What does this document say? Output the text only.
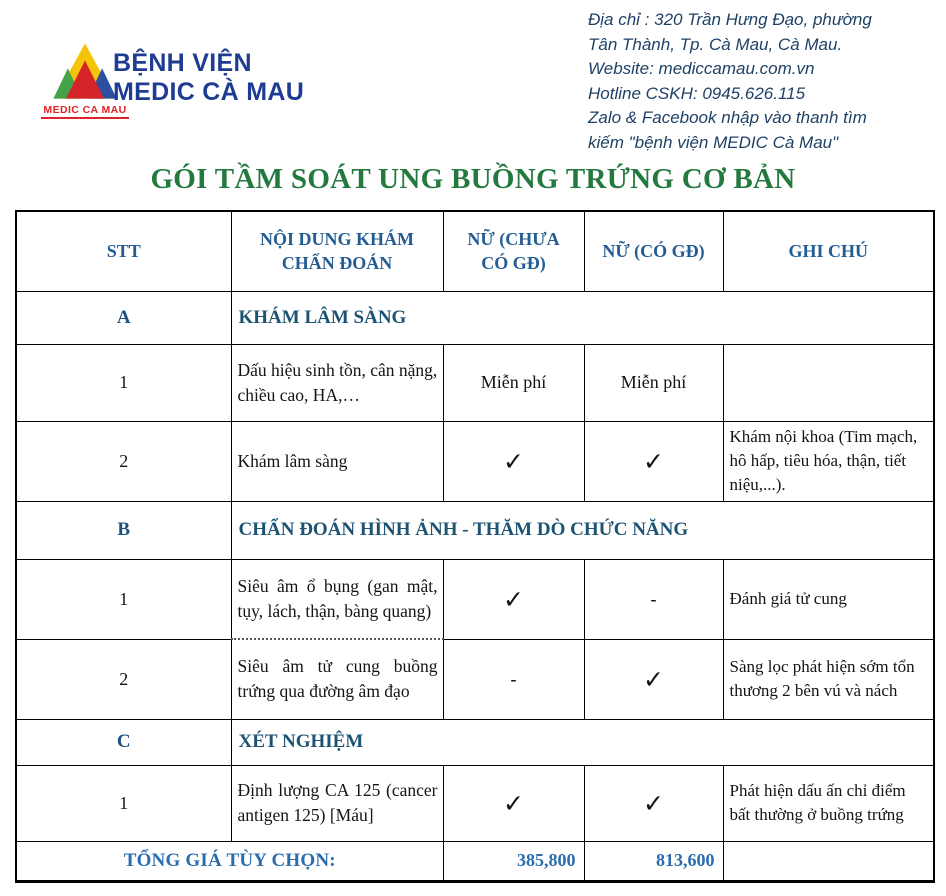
MEDIC CA MAU
BỆNH VIỆN
MEDIC CÀ MAU
Địa chỉ : 320 Trần Hưng Đạo, phường
Tân Thành, Tp. Cà Mau, Cà Mau.
Website: mediccamau.com.vn
Hotline CSKH: 0945.626.115
Zalo & Facebook nhập vào thanh tìm
kiếm "bệnh viện MEDIC Cà Mau"
GÓI TẦM SOÁT UNG BUỒNG TRỨNG CƠ BẢN
STT	NỘI DUNG KHÁM CHẨN ĐOÁN	NỮ (CHƯA CÓ GĐ)	NỮ (CÓ GĐ)	GHI CHÚ
A	KHÁM LÂM SÀNG			
1	Dấu hiệu sinh tồn, cân nặng, chiều cao, HA,…	Miễn phí	Miễn phí	
2	Khám lâm sàng	✓	✓	Khám nội khoa (Tim mạch, hô hấp, tiêu hóa, thận, tiết niệu,...).
B	CHẨN ĐOÁN HÌNH ẢNH - THĂM DÒ CHỨC NĂNG			
1	Siêu âm ổ bụng (gan mật, tụy, lách, thận, bàng quang)	✓	-	Đánh giá tử cung
2	Siêu âm tử cung buồng trứng qua đường âm đạo	-	✓	Sàng lọc phát hiện sớm tổn thương 2 bên vú và nách
C	XÉT NGHIỆM			
1	Định lượng CA 125 (cancer antigen 125) [Máu]	✓	✓	Phát hiện dấu ấn chỉ điểm bất thường ở buồng trứng
TỔNG GIÁ TÙY CHỌN:		385,800	813,600	
